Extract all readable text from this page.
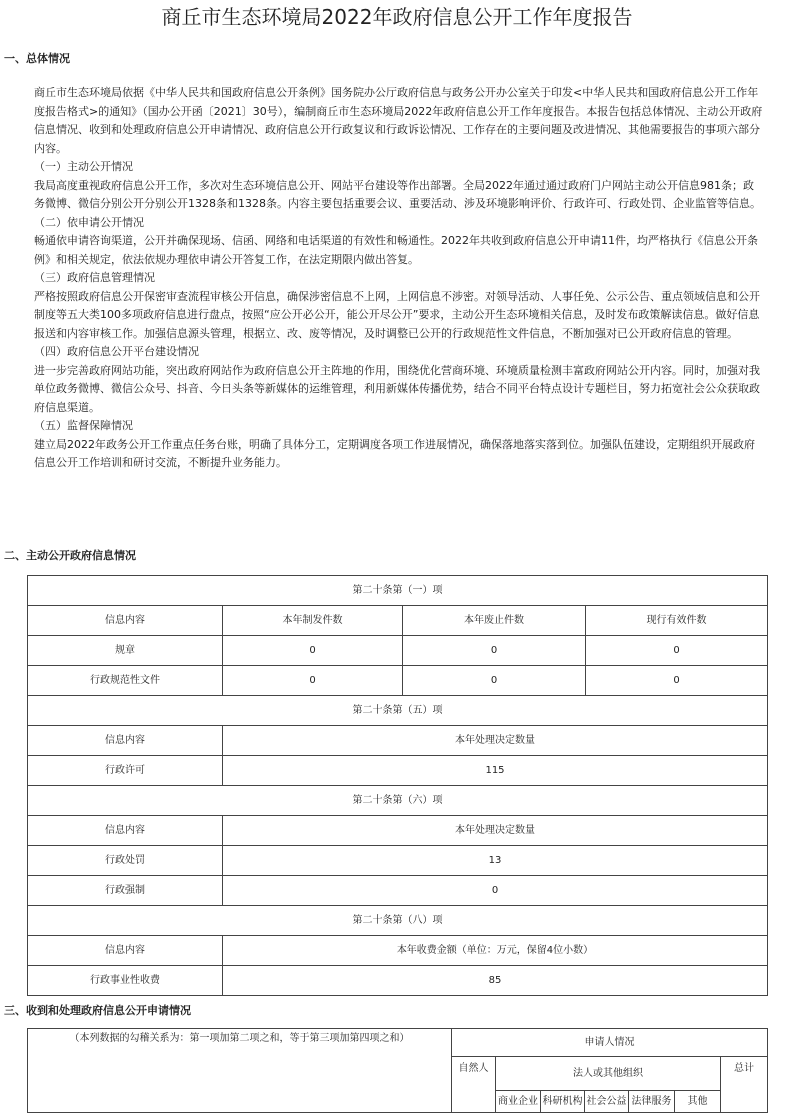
商丘市生态环境局2022年政府信息公开工作年度报告
一、总体情况

商丘市生态环境局依据《中华人民共和国政府信息公开条例》国务院办公厅政府信息与政务公开办公室关于印发<中华人民共和国政府信息公开工作年度报告格式>的通知》（国办公开函〔2021〕30号），编制商丘市生态环境局2022年政府信息公开工作年度报告。本报告包括总体情况、主动公开政府信息情况、收到和处理政府信息公开申请情况、政府信息公开行政复议和行政诉讼情况、工作存在的主要问题及改进情况、其他需要报告的事项六部分内容。

（一）主动公开情况

我局高度重视政府信息公开工作，多次对生态环境信息公开、网站平台建设等作出部署。全局2022年通过通过政府门户网站主动公开信息981条；政务微博、微信分别公开分别公开1328条和1328条。内容主要包括重要会议、重要活动、涉及环境影响评价、行政许可、行政处罚、企业监管等信息。

（二）依申请公开情况

畅通依申请咨询渠道，公开并确保现场、信函、网络和电话渠道的有效性和畅通性。2022年共收到政府信息公开申请11件，均严格执行《信息公开条例》和相关规定，依法依规办理依申请公开答复工作，在法定期限内做出答复。

（三）政府信息管理情况

严格按照政府信息公开保密审查流程审核公开信息，确保涉密信息不上网，上网信息不涉密。对领导活动、人事任免、公示公告、重点领域信息和公开制度等五大类100多项政府信息进行盘点，按照“应公开必公开，能公开尽公开”要求，主动公开生态环境相关信息，及时发布政策解读信息。做好信息报送和内容审核工作。加强信息源头管理，根据立、改、废等情况，及时调整已公开的行政规范性文件信息，不断加强对已公开政府信息的管理。

（四）政府信息公开平台建设情况

进一步完善政府网站功能，突出政府网站作为政府信息公开主阵地的作用，围绕优化营商环境、环境质量检测丰富政府网站公开内容。同时，加强对我单位政务微博、微信公众号、抖音、今日头条等新媒体的运维管理，利用新媒体传播优势，结合不同平台特点设计专题栏目，努力拓宽社会公众获取政府信息渠道。

（五）监督保障情况

建立局2022年政务公开工作重点任务台账，明确了具体分工，定期调度各项工作进展情况，确保落地落实落到位。加强队伍建设，定期组织开展政府信息公开工作培训和研讨交流，不断提升业务能力。

二、主动公开政府信息情况
第二十条第（一）项			
信息内容	本年制发件数	本年废止件数	现行有效件数
规章	0	0	0
行政规范性文件	0	0	0
第二十条第（五）项			
信息内容	本年处理决定数量		
行政许可	115		
第二十条第（六）项			
信息内容	本年处理决定数量		
行政处罚	13		
行政强制	0		
第二十条第（八）项			
信息内容	本年收费金额（单位：万元，保留4位小数）		
行政事业性收费	85		
三、收到和处理政府信息公开申请情况
（本列数据的勾稽关系为：第一项加第二项之和，等于第三项加第四项之和）	申请人情况						
	自然人	法人或其他组织					总计
		商业企业	科研机构	社会公益	法律服务	其他	
